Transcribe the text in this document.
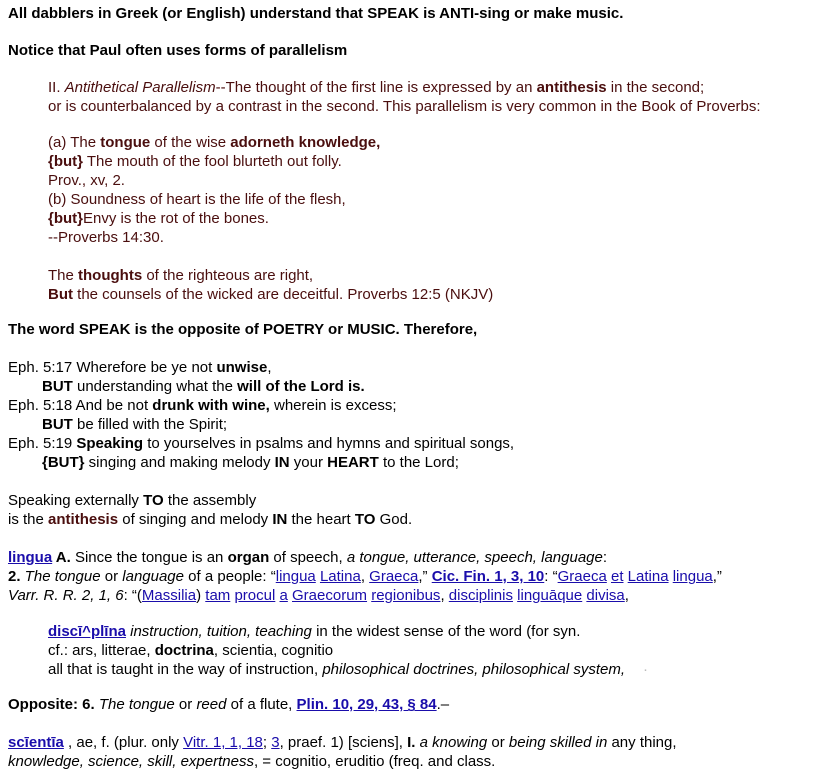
All dabblers in Greek (or English) understand that SPEAK is ANTI-sing or make music.
Notice that Paul often uses forms of parallelism
II. Antithetical Parallelism--The thought of the first line is expressed by an antithesis in the second;
or is counterbalanced by a contrast in the second. This parallelism is very common in the Book of Proverbs:
(a) The tongue of the wise adorneth knowledge,
{but} The mouth of the fool blurteth out folly.
Prov., xv, 2.
(b) Soundness of heart is the life of the flesh,
{but}Envy is the rot of the bones.
--Proverbs 14:30.
The thoughts of the righteous are right,
But the counsels of the wicked are deceitful. Proverbs 12:5 (NKJV)
The word SPEAK is the opposite of POETRY or MUSIC. Therefore,
Eph. 5:17 Wherefore be ye not unwise,
BUT understanding what the will of the Lord is.
Eph. 5:18 And be not drunk with wine, wherein is excess;
BUT be filled with the Spirit;
Eph. 5:19 Speaking to yourselves in psalms and hymns and spiritual songs,
{BUT} singing and making melody IN your HEART to the Lord;
Speaking externally TO the assembly
is the antithesis of singing and melody IN the heart TO God.
lingua A. Since the tongue is an organ of speech, a tongue, utterance, speech, language:
2. The tongue or language of a people: “lingua Latina, Graeca,” Cic. Fin. 1, 3, 10: “Graeca et Latina lingua,”
Varr. R. R. 2, 1, 6: “(Massilia) tam procul a Graecorum regionibus, disciplinis linguāque divisa,
discī^plīna instruction, tuition, teaching in the widest sense of the word (for syn.
cf.: ars, litterae, doctrina, scientia, cognitio
all that is taught in the way of instruction, philosophical doctrines, philosophical system, ·
Opposite: 6. The tongue or reed of a flute, Plin. 10, 29, 43, § 84.–
scīentīa , ae, f. (plur. only Vitr. 1, 1, 18; 3, praef. 1) [sciens], I. a knowing or being skilled in any thing,
knowledge, science, skill, expertness, = cognitio, eruditio (freq. and class.
